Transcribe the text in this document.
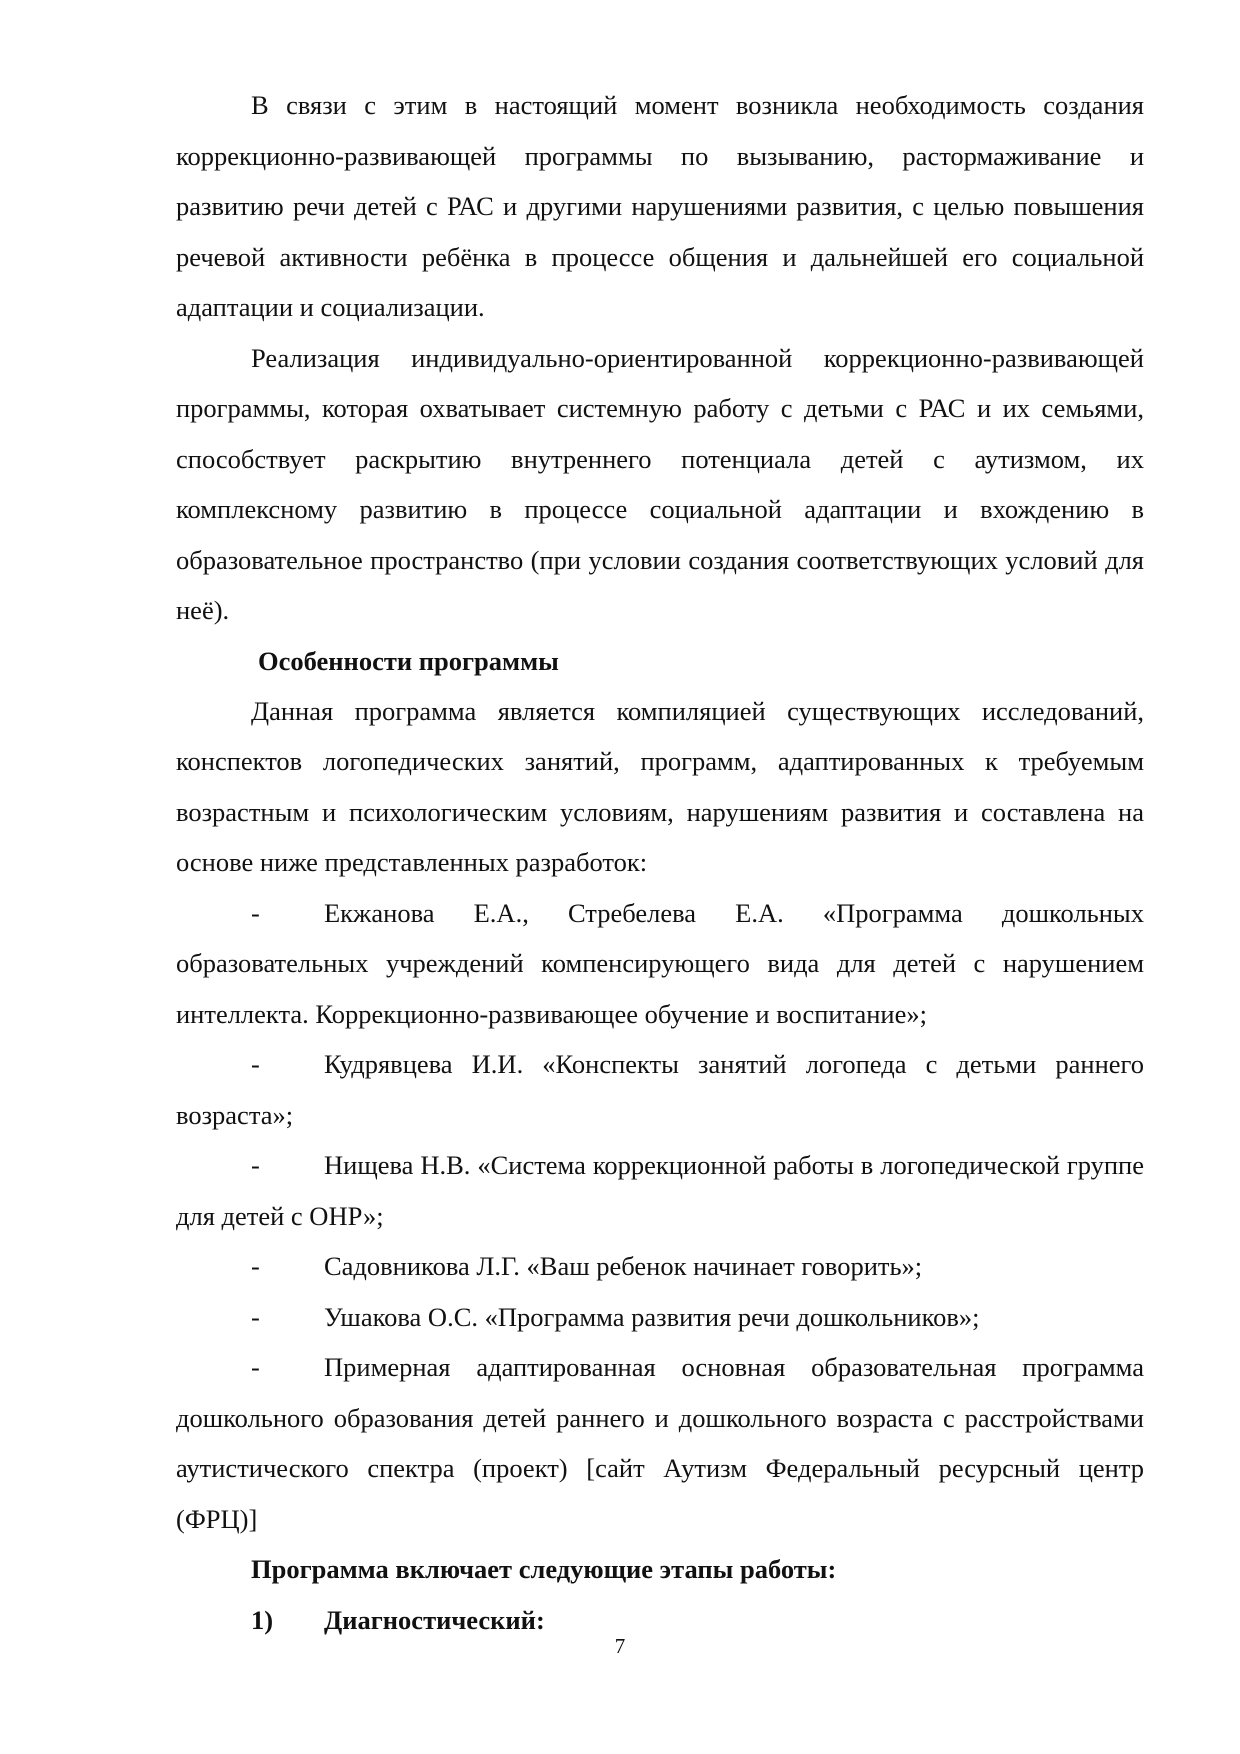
В связи с этим в настоящий момент возникла необходимость создания коррекционно-развивающей программы по вызыванию, растормаживание и развитию речи детей с РАС и другими нарушениями развития, с целью повышения речевой активности ребёнка в процессе общения и дальнейшей его социальной адаптации и социализации.

Реализация индивидуально-ориентированной коррекционно-развивающей программы, которая охватывает системную работу с детьми с РАС и их семьями, способствует раскрытию внутреннего потенциала детей с аутизмом, их комплексному развитию в процессе социальной адаптации и вхождению в образовательное пространство (при условии создания соответствующих условий для неё).

Особенности программы

Данная программа является компиляцией существующих исследований, конспектов логопедических занятий, программ, адаптированных к требуемым возрастным и психологическим условиям, нарушениям развития и составлена на основе ниже представленных разработок:

- Екжанова Е.А., Стребелева Е.А. «Программа дошкольных образовательных учреждений компенсирующего вида для детей с нарушением интеллекта. Коррекционно-развивающее обучение и воспитание»;

- Кудрявцева И.И. «Конспекты занятий логопеда с детьми раннего возраста»;

- Нищева Н.В. «Система коррекционной работы в логопедической группе для детей с ОНР»;

- Садовникова Л.Г. «Ваш ребенок начинает говорить»;

- Ушакова О.С. «Программа развития речи дошкольников»;

- Примерная адаптированная основная образовательная программа дошкольного образования детей раннего и дошкольного возраста с расстройствами аутистического спектра (проект) [сайт Аутизм Федеральный ресурсный центр (ФРЦ)]

Программа включает следующие этапы работы:

1) Диагностический:

7
